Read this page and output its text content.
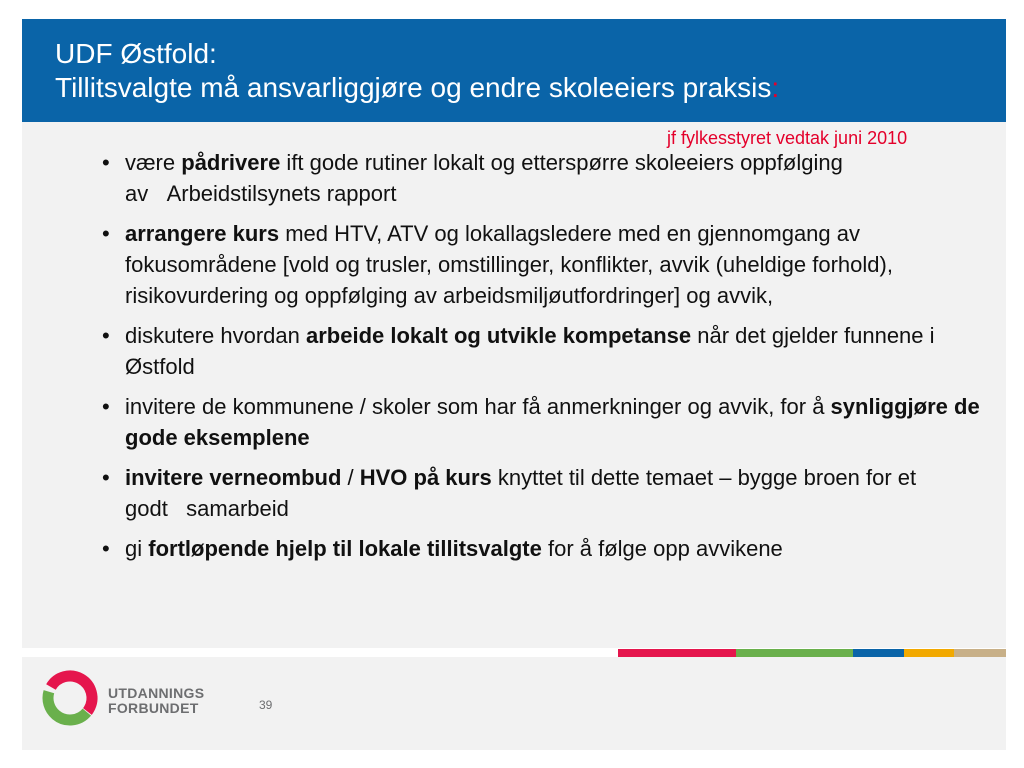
UDF Østfold:
Tillitsvalgte må ansvarliggjøre og endre skoleeiers praksis:
jf fylkesstyret vedtak juni 2010
• være pådrivere ift gode rutiner lokalt og etterspørre skoleeiers oppfølging av   Arbeidstilsynets rapport
• arrangere kurs med HTV, ATV og lokallagsledere med en gjennomgang av fokusområdene [vold og trusler, omstillinger, konflikter, avvik (uheldige forhold), risikovurdering og oppfølging av arbeidsmiljøutfordringer] og avvik,
• diskutere hvordan arbeide lokalt og utvikle kompetanse når det gjelder funnene i Østfold
• invitere de kommunene / skoler som har få anmerkninger og avvik, for å synliggjøre de gode eksemplene
• invitere verneombud / HVO på kurs knyttet til dette temaet – bygge broen for et godt   samarbeid
• gi fortløpende hjelp til lokale tillitsvalgte for å følge opp avvikene
UTDANNINGS
FORBUNDET	39
